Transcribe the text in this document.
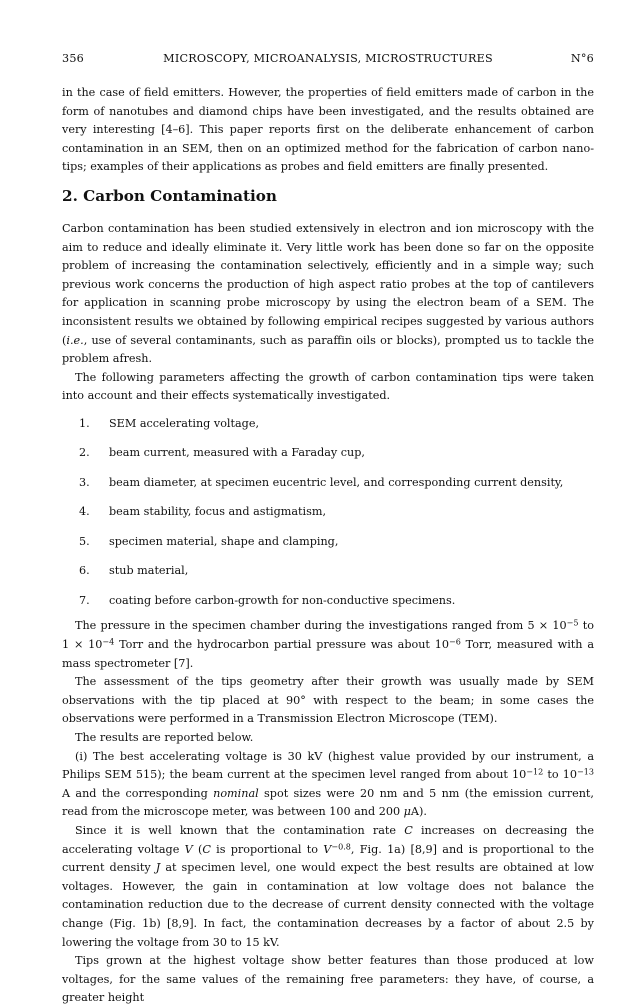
356	MICROSCOPY, MICROANALYSIS, MICROSTRUCTURES	N°6

in the case of field emitters. However, the properties of field emitters made of carbon in the form of nanotubes and diamond chips have been investigated, and the results obtained are very interesting [4–6]. This paper reports first on the deliberate enhancement of carbon contamination in an SEM, then on an optimized method for the fabrication of carbon nano-tips; examples of their applications as probes and field emitters are finally presented.

2. Carbon Contamination

Carbon contamination has been studied extensively in electron and ion microscopy with the aim to reduce and ideally eliminate it. Very little work has been done so far on the opposite problem of increasing the contamination selectively, efficiently and in a simple way; such previous work concerns the production of high aspect ratio probes at the top of cantilevers for application in scanning probe microscopy by using the electron beam of a SEM. The inconsistent results we obtained by following empirical recipes suggested by various authors (i.e., use of several contaminants, such as paraffin oils or blocks), prompted us to tackle the problem afresh.

The following parameters affecting the growth of carbon contamination tips were taken into account and their effects systematically investigated.

1.	SEM accelerating voltage,
2.	beam current, measured with a Faraday cup,
3.	beam diameter, at specimen eucentric level, and corresponding current density,
4.	beam stability, focus and astigmatism,
5.	specimen material, shape and clamping,
6.	stub material,
7.	coating before carbon-growth for non-conductive specimens.

The pressure in the specimen chamber during the investigations ranged from $5 \times 10^{-5}$ to $1 \times 10^{-4}$ Torr and the hydrocarbon partial pressure was about $10^{-6}$ Torr, measured with a mass spectrometer [7].

The assessment of the tips geometry after their growth was usually made by SEM observations with the tip placed at 90° with respect to the beam; in some cases the observations were performed in a Transmission Electron Microscope (TEM).

The results are reported below.

(i) The best accelerating voltage is 30 kV (highest value provided by our instrument, a Philips SEM 515); the beam current at the specimen level ranged from about $10^{-12}$ to $10^{-13}$ A and the corresponding nominal spot sizes were 20 nm and 5 nm (the emission current, read from the microscope meter, was between 100 and 200 μA).

Since it is well known that the contamination rate C increases on decreasing the accelerating voltage V (C is proportional to $V^{-0.8}$, Fig. 1a) [8,9] and is proportional to the current density J at specimen level, one would expect the best results are obtained at low voltages. However, the gain in contamination at low voltage does not balance the contamination reduction due to the decrease of current density connected with the voltage change (Fig. 1b) [8,9]. In fact, the contamination decreases by a factor of about 2.5 by lowering the voltage from 30 to 15 kV.

Tips grown at the highest voltage show better features than those produced at low voltages, for the same values of the remaining free parameters: they have, of course, a greater height
